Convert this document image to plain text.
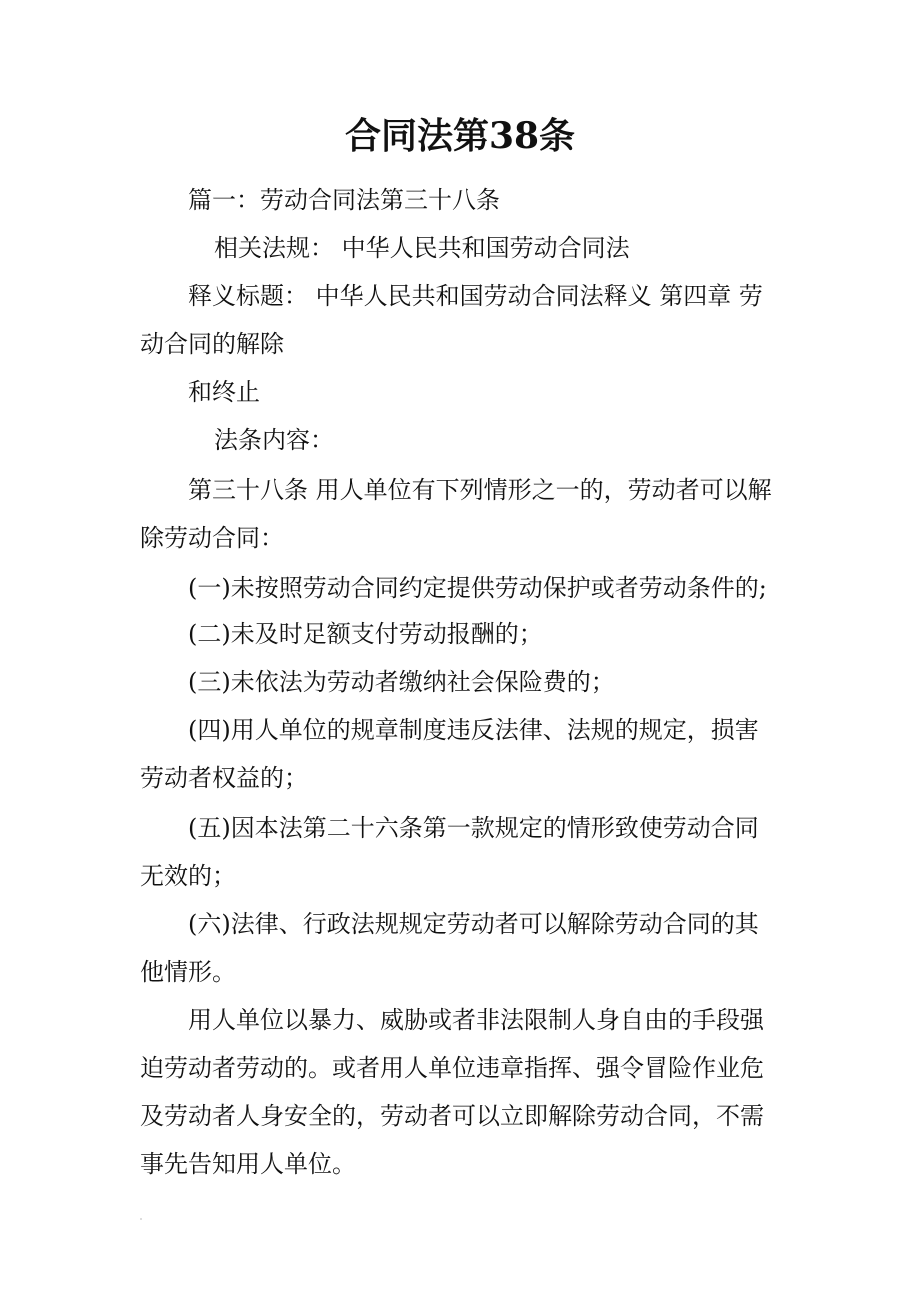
合同法第38条
篇一：劳动合同法第三十八条
相关法规： 中华人民共和国劳动合同法
释义标题： 中华人民共和国劳动合同法释义 第四章 劳
动合同的解除
和终止
法条内容：
第三十八条 用人单位有下列情形之一的，劳动者可以解
除劳动合同：
(一)未按照劳动合同约定提供劳动保护或者劳动条件的;
(二)未及时足额支付劳动报酬的；
(三)未依法为劳动者缴纳社会保险费的；
(四)用人单位的规章制度违反法律、法规的规定，损害
劳动者权益的；
(五)因本法第二十六条第一款规定的情形致使劳动合同
无效的；
(六)法律、行政法规规定劳动者可以解除劳动合同的其
他情形。
用人单位以暴力、威胁或者非法限制人身自由的手段强
迫劳动者劳动的。或者用人单位违章指挥、强令冒险作业危
及劳动者人身安全的，劳动者可以立即解除劳动合同，不需
事先告知用人单位。
